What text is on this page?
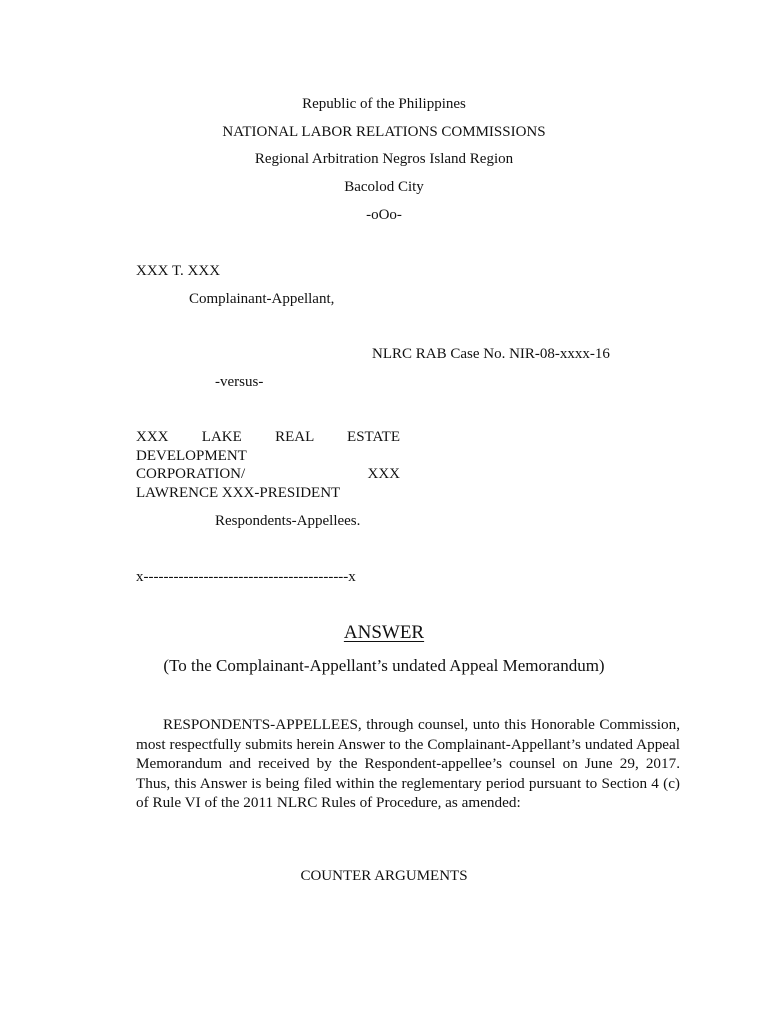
Republic of the Philippines
NATIONAL LABOR RELATIONS COMMISSIONS
Regional Arbitration Negros Island Region
Bacolod City
-oOo-
XXX T. XXX
Complainant-Appellant,
NLRC RAB Case No. NIR-08-xxxx-16
-versus-
XXX LAKE REAL ESTATE
DEVELOPMENT
CORPORATION/ XXX
LAWRENCE XXX-PRESIDENT
Respondents-Appellees.
x-----------------------------------------x
ANSWER
(To the Complainant-Appellant’s undated Appeal Memorandum)
RESPONDENTS-APPELLEES, through counsel, unto this Honorable Commission, most respectfully submits herein Answer to the Complainant-Appellant’s undated Appeal Memorandum and received by the Respondent-appellee’s counsel on June 29, 2017. Thus, this Answer is being filed within the reglementary period pursuant to Section 4 (c) of Rule VI of the 2011 NLRC Rules of Procedure, as amended:
COUNTER ARGUMENTS
